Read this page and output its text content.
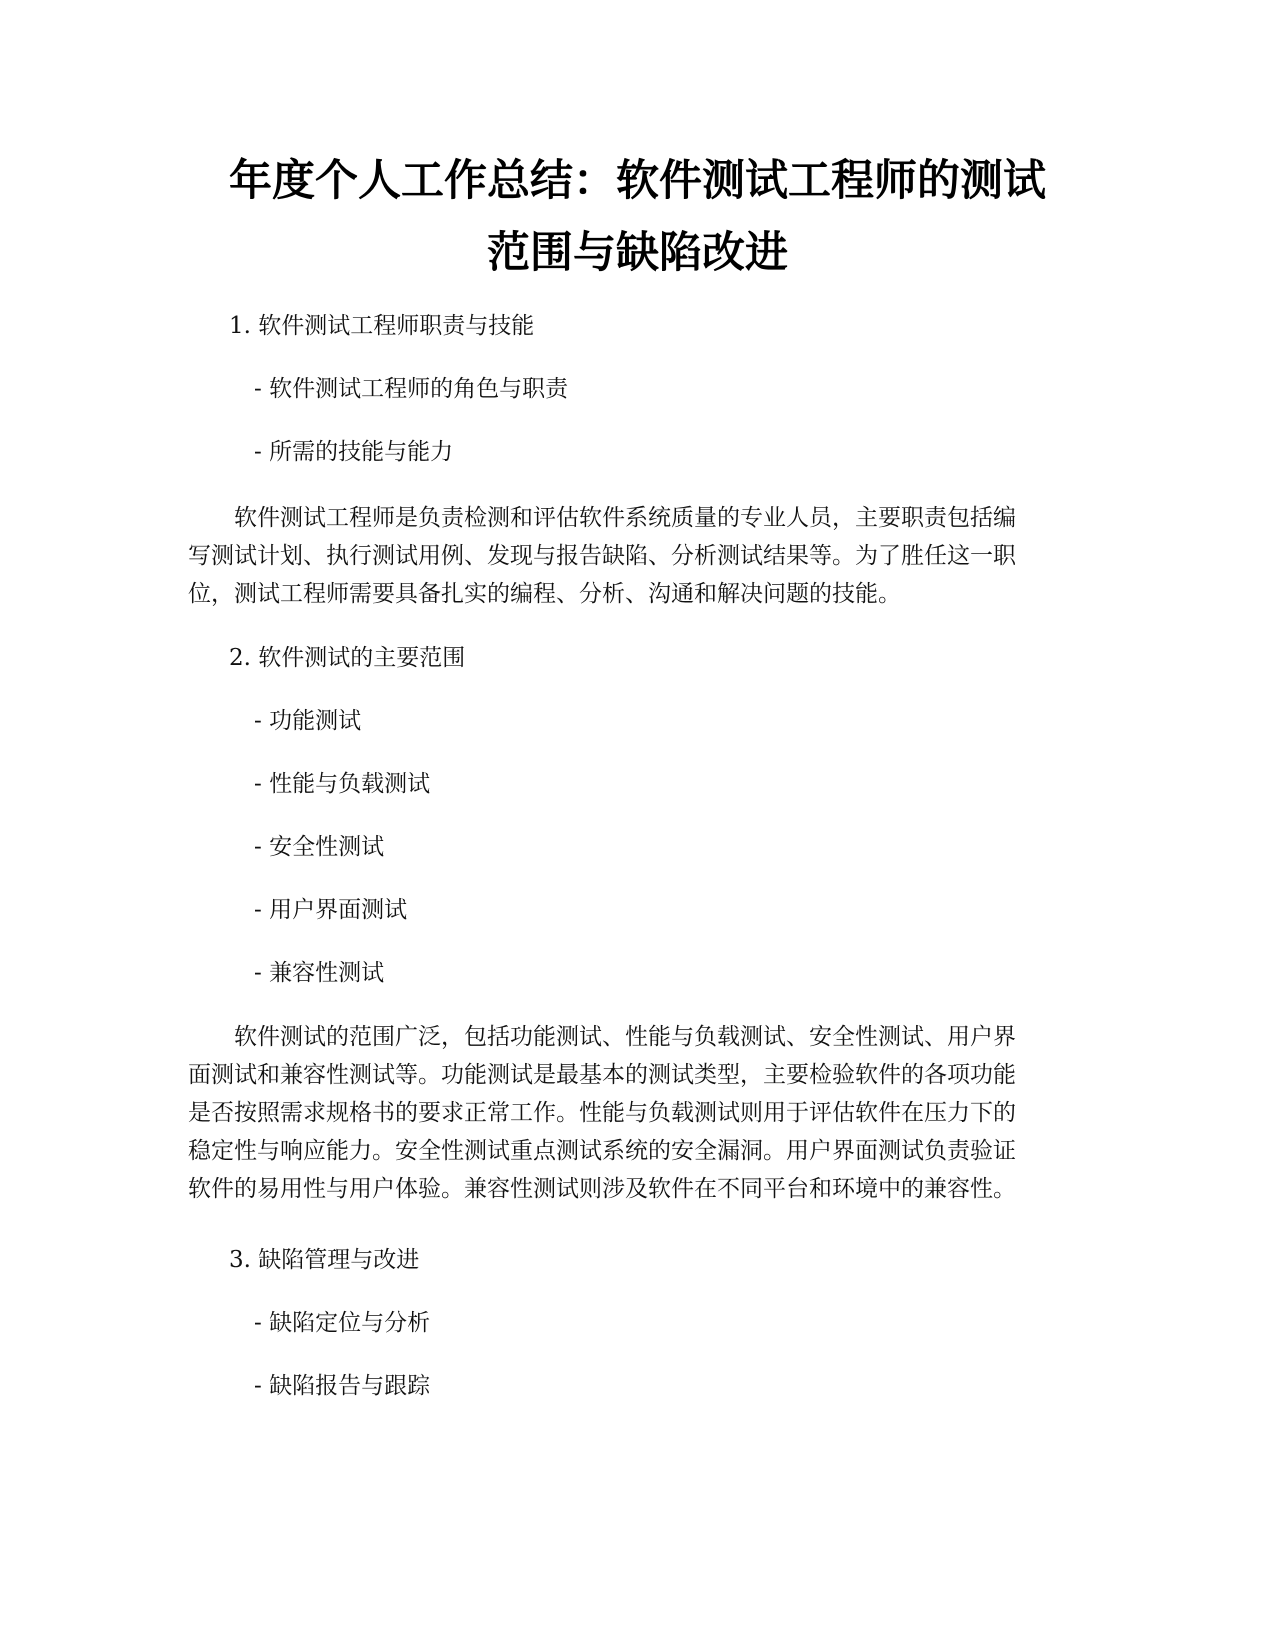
年度个人工作总结：软件测试工程师的测试
范围与缺陷改进

1. 软件测试工程师职责与技能

- 软件测试工程师的角色与职责

- 所需的技能与能力

　　软件测试工程师是负责检测和评估软件系统质量的专业人员，主要职责包括编
写测试计划、执行测试用例、发现与报告缺陷、分析测试结果等。为了胜任这一职
位，测试工程师需要具备扎实的编程、分析、沟通和解决问题的技能。

2. 软件测试的主要范围

- 功能测试

- 性能与负载测试

- 安全性测试

- 用户界面测试

- 兼容性测试

　　软件测试的范围广泛，包括功能测试、性能与负载测试、安全性测试、用户界
面测试和兼容性测试等。功能测试是最基本的测试类型，主要检验软件的各项功能
是否按照需求规格书的要求正常工作。性能与负载测试则用于评估软件在压力下的
稳定性与响应能力。安全性测试重点测试系统的安全漏洞。用户界面测试负责验证
软件的易用性与用户体验。兼容性测试则涉及软件在不同平台和环境中的兼容性。

3. 缺陷管理与改进

- 缺陷定位与分析

- 缺陷报告与跟踪
